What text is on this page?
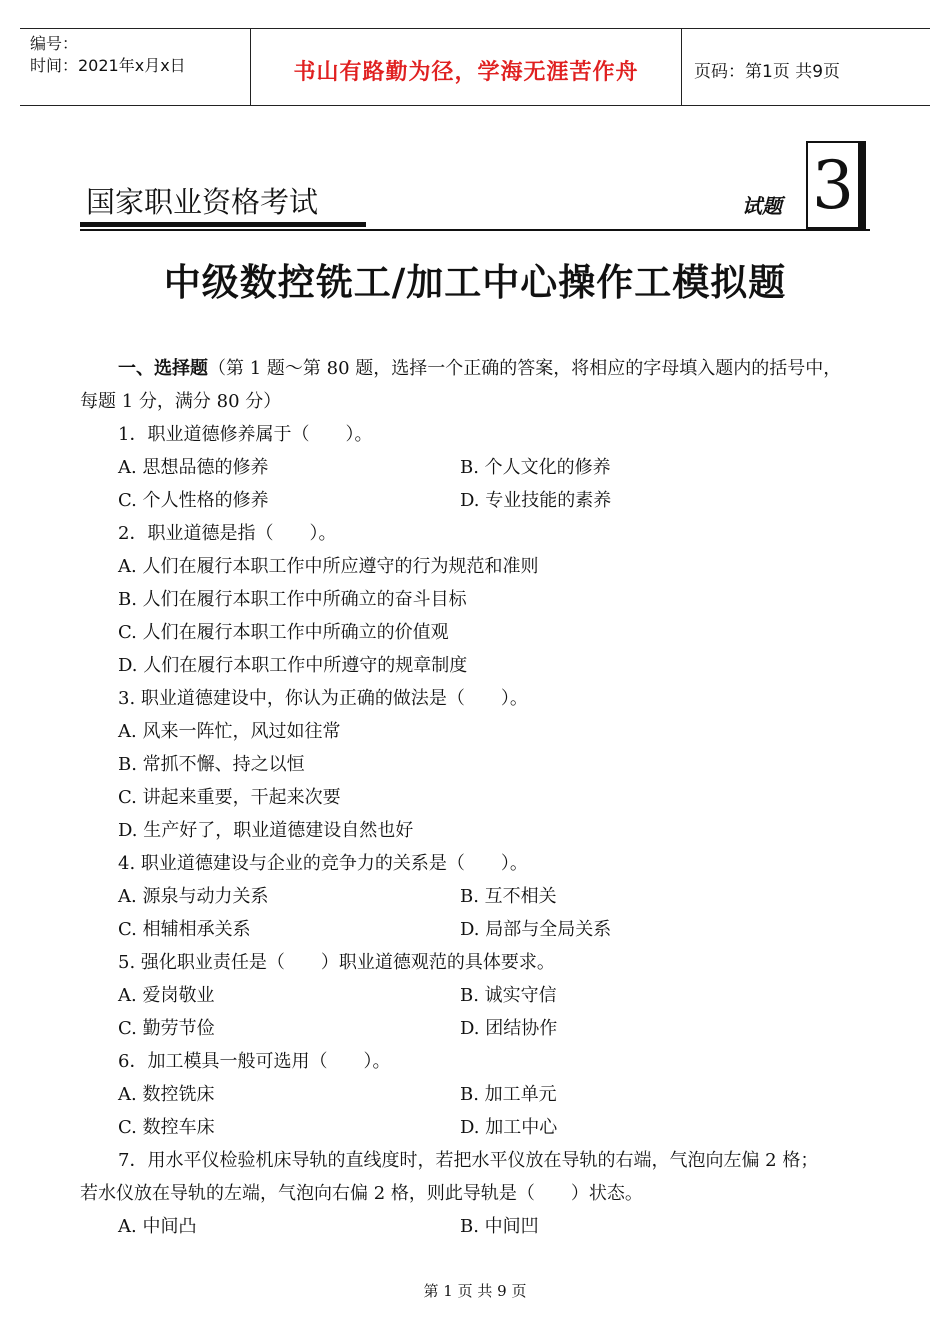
编号：
时间：2021年x月x日	书山有路勤为径，学海无涯苦作舟	页码：第1页 共9页
国家职业资格考试	试题 3
中级数控铣工/加工中心操作工模拟题
一、选择题（第 1 题～第 80 题，选择一个正确的答案，将相应的字母填入题内的括号中，
每题 1 分，满分 80 分）
1．职业道德修养属于（　　）。
A. 思想品德的修养	B. 个人文化的修养
C. 个人性格的修养	D. 专业技能的素养
2．职业道德是指（　　）。
A. 人们在履行本职工作中所应遵守的行为规范和准则
B. 人们在履行本职工作中所确立的奋斗目标
C. 人们在履行本职工作中所确立的价值观
D. 人们在履行本职工作中所遵守的规章制度
3. 职业道德建设中，你认为正确的做法是（　　）。
A. 风来一阵忙，风过如往常
B. 常抓不懈、持之以恒
C. 讲起来重要，干起来次要
D. 生产好了，职业道德建设自然也好
4. 职业道德建设与企业的竞争力的关系是（　　）。
A. 源泉与动力关系	B. 互不相关
C. 相辅相承关系	D. 局部与全局关系
5. 强化职业责任是（　　）职业道德观范的具体要求。
A. 爱岗敬业	B. 诚实守信
C. 勤劳节俭	D. 团结协作
6．加工模具一般可选用（　　）。
A. 数控铣床	B. 加工单元
C. 数控车床	D. 加工中心
7．用水平仪检验机床导轨的直线度时，若把水平仪放在导轨的右端，气泡向左偏 2 格；
若水仪放在导轨的左端，气泡向右偏 2 格，则此导轨是（　　）状态。
A. 中间凸	B. 中间凹
第 1 页 共 9 页
